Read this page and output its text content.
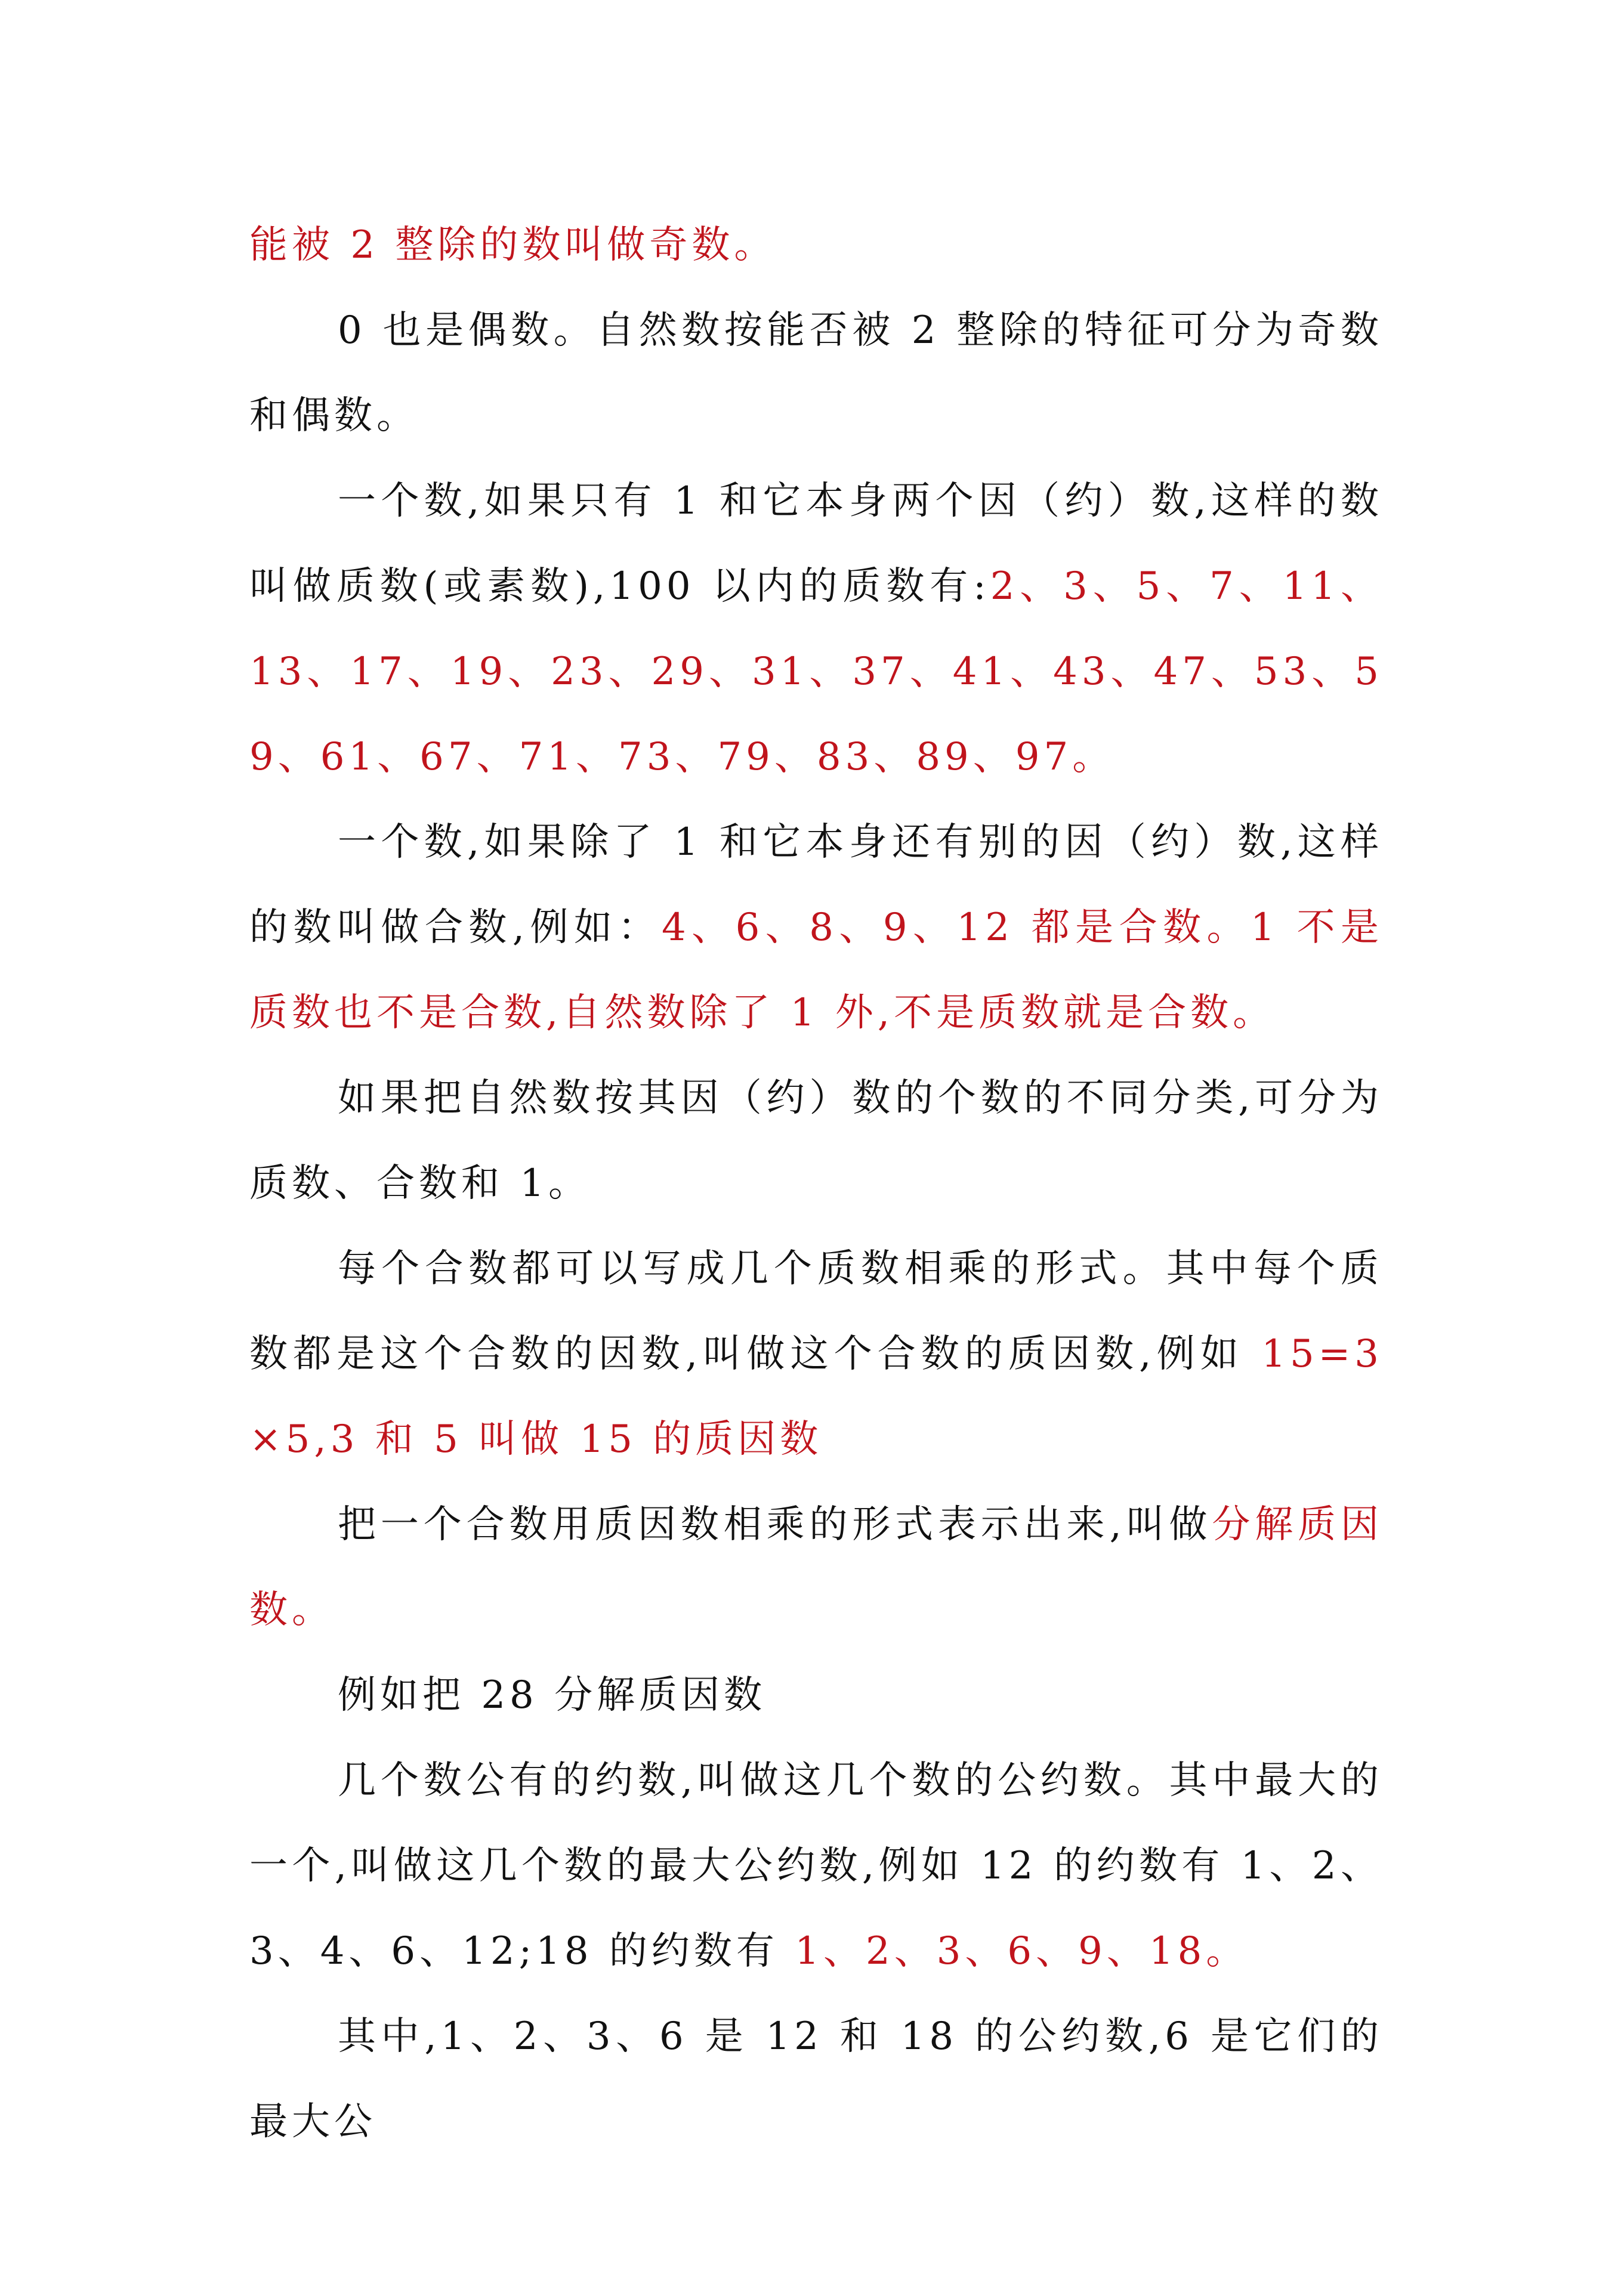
能被 2 整除的数叫做奇数。

0 也是偶数。自然数按能否被 2 整除的特征可分为奇数和偶数。

一个数,如果只有 1 和它本身两个因（约）数,这样的数叫做质数(或素数),100 以内的质数有:2、3、5、7、11、13、17、19、23、29、31、37、41、43、47、53、59、61、67、71、73、79、83、89、97。

一个数,如果除了 1 和它本身还有别的因（约）数,这样的数叫做合数,例如：4、6、8、9、12 都是合数。1 不是质数也不是合数,自然数除了 1 外,不是质数就是合数。

如果把自然数按其因（约）数的个数的不同分类,可分为质数、合数和 1。

每个合数都可以写成几个质数相乘的形式。其中每个质数都是这个合数的因数,叫做这个合数的质因数,例如 15=3×5,3 和 5 叫做 15 的质因数

把一个合数用质因数相乘的形式表示出来,叫做分解质因数。

例如把 28 分解质因数

几个数公有的约数,叫做这几个数的公约数。其中最大的一个,叫做这几个数的最大公约数,例如 12 的约数有 1、2、3、4、6、12;18 的约数有 1、2、3、6、9、18。

其中,1、2、3、6 是 12 和 18 的公约数,6 是它们的最大公
